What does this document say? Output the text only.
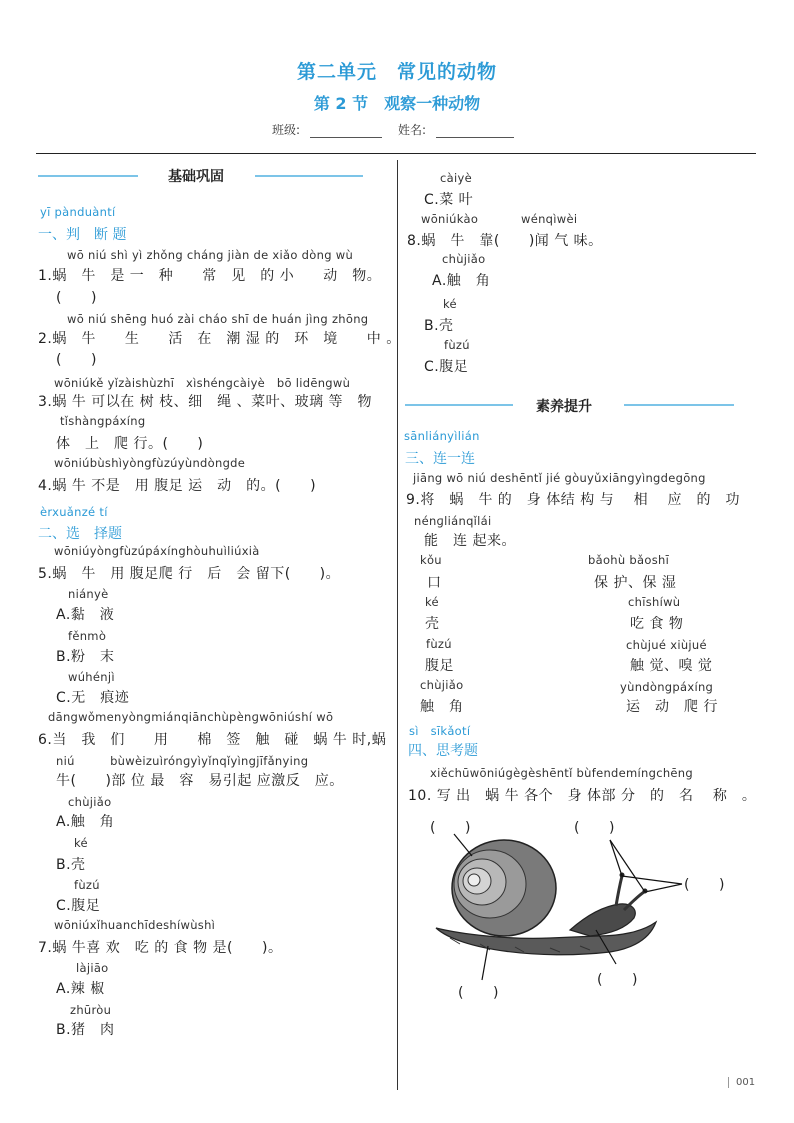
第二单元　常见的动物
第 2 节　观察一种动物
班级:	姓名:
基础巩固
yī pànduàntí
一、判　断 题
wō niú shì yì zhǒng cháng jiàn de xiǎo dòng wù
1.蜗　牛　是 一　种　　常　见　的 小　　动　物。
(　　)
wō niú shēng huó zài cháo shī de huán jìng zhōng
2.蜗　牛　　生　　活　在　潮 湿 的　环　境　　中 。
(　　)
wōniúkě yǐzàishùzhī　xìshéngcàiyè　bō lidēngwù
3.蜗 牛 可以在 树 枝、细　绳 、菜叶、玻璃 等　物
tǐshàngpáxíng
体　上　爬 行。(　　)
wōniúbùshìyòngfùzúyùndòngde
4.蜗 牛 不是　用 腹足 运　动　的。(　　)
èrxuǎnzé tí
二、选　择题
wōniúyòngfùzúpáxínghòuhuìliúxià
5.蜗　牛　用 腹足爬 行　后　会 留下(　　)。
niányè
A.黏　液
fěnmò
B.粉　末
wúhénjì
C.无　痕迹
dāngwǒmenyònɡmiánqiānchùpènɡwōniúshí wō
6.当　我　们　　用　　棉　签　触　碰　蜗 牛 时,蜗
niú　　　bùwèizuìrónɡyìyǐnqǐyìngjīfǎnying
牛(　　)部 位 最　容　易引起 应激反　应。
chùjiǎo
A.触　角
ké
B.壳
fùzú
C.腹足
wōniúxǐhuanchīdeshíwùshì
7.蜗 牛喜 欢　吃 的 食 物 是(　　)。
làjiāo
A.辣 椒
zhūròu
B.猪　肉
càiyè
C.菜 叶
wōniúkào	wénqìwèi
8.蜗　牛　靠(　　)闻 气 味。
chùjiǎo
A.触　角
ké
B.壳
fùzú
C.腹足
素养提升
sānliányìlián
三、连一连
jiāng wō niú deshēntǐ jié gòuyǔxiāngyìngdegōng
9.将　蜗　牛 的　身 体结 构 与　 相　 应　的　功
nénɡliánqǐlái
能　连 起来。
kǒu
口
ké
壳
fùzú
腹足
chùjiǎo
触　角
bǎohù bǎoshī
保 护、保 湿
chīshíwù
吃 食 物
chùjué xiùjué
触 觉、嗅 觉
yùndòngpáxíng
运　动　爬 行
sì　sīkǎotí
四、思考题
xiěchūwōniúgègèshēntǐ bùfendemíngchēng
10. 写 出　蜗 牛 各个　身 体部 分　的　名　 称　。
(　　)	(　　)
(　　)
(　　)
(　　)
001
